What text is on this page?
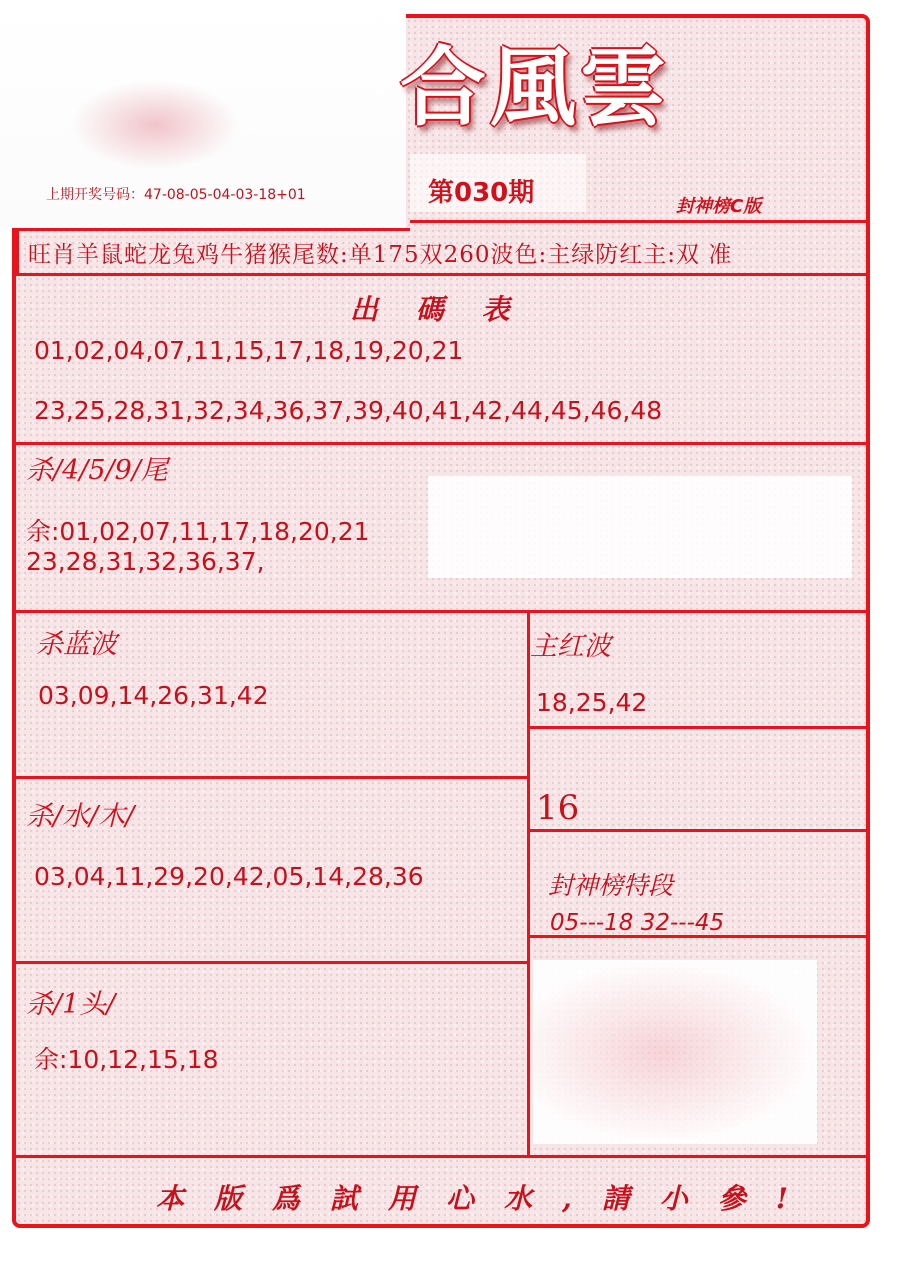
上期开奖号码：47-08-05-04-03-18+01
合風雲
第030期	封神榜C版
旺肖羊鼠蛇龙兔鸡牛猪猴尾数:单175双260波色:主绿防红主:双 准
出 碼 表
01,02,04,07,11,15,17,18,19,20,21
23,25,28,31,32,34,36,37,39,40,41,42,44,45,46,48
杀/4/5/9/尾
余:01,02,07,11,17,18,20,21
23,28,31,32,36,37,
杀蓝波
03,09,14,26,31,42
主红波
18,25,42
16
杀/水/木/
03,04,11,29,20,42,05,14,28,36	封神榜特段
05---18 32---45
杀/1头/
余:10,12,15,18
本版爲試用心水,請小參!
